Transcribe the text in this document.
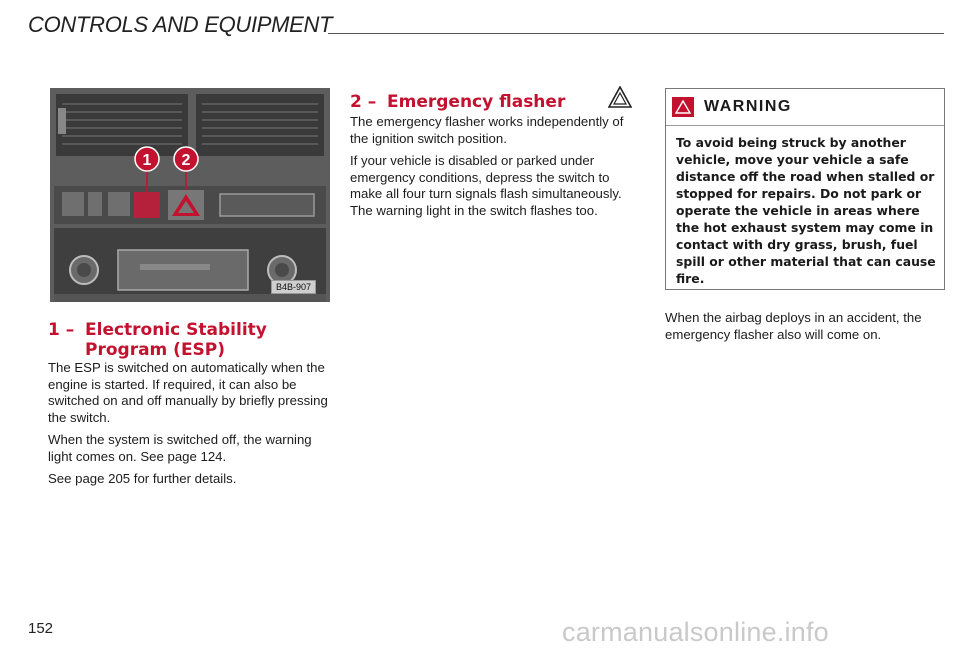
CONTROLS AND EQUIPMENT
1 2
B4B-907
1 – Electronic Stability Program (ESP)

The ESP is switched on automatically when the engine is started. If required, it can also be switched on and off manually by briefly pressing the switch.

When the system is switched off, the warning light comes on. See page 124.

See page 205 for further details.

2 – Emergency flasher

The emergency flasher works independently of the ignition switch position.

If your vehicle is disabled or parked under emergency conditions, depress the switch to make all four turn signals flash simultaneously. The warning light in the switch flashes too.

WARNING
To avoid being struck by another vehicle, move your vehicle a safe distance off the road when stalled or stopped for repairs. Do not park or operate the vehicle in areas where the hot exhaust system may come in contact with dry grass, brush, fuel spill or other material that can cause fire.
When the airbag deploys in an accident, the emergency flasher also will come on.
152	carmanualsonline.info
